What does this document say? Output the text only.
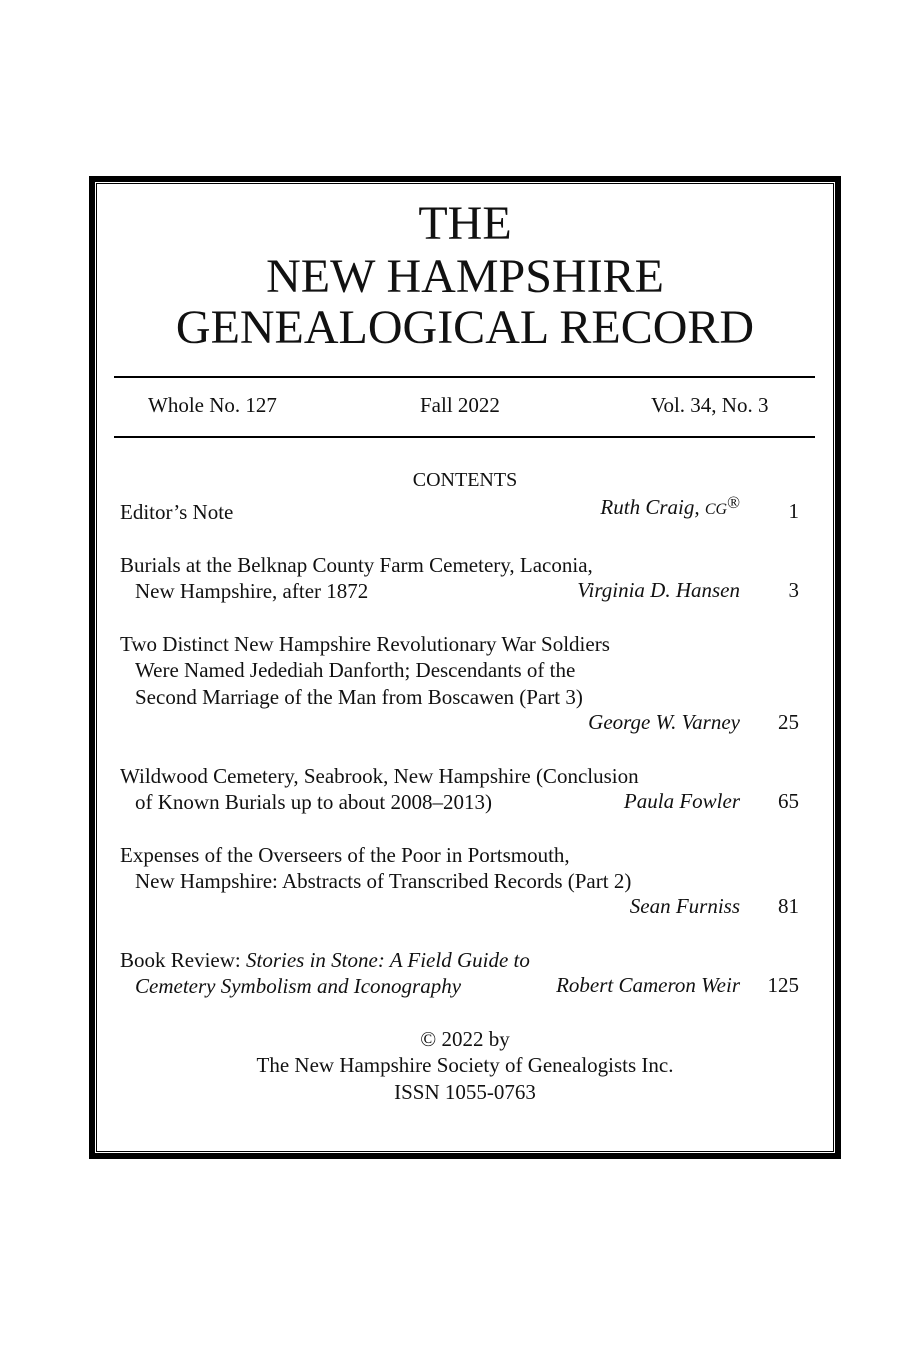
THE
NEW HAMPSHIRE
GENEALOGICAL RECORD
Whole No. 127	Fall 2022	Vol. 34, No. 3
CONTENTS
Editor’s Note	Ruth Craig, CG®	1
Burials at the Belknap County Farm Cemetery, Laconia,
New Hampshire, after 1872	Virginia D. Hansen	3
Two Distinct New Hampshire Revolutionary War Soldiers
Were Named Jedediah Danforth; Descendants of the
Second Marriage of the Man from Boscawen (Part 3)
George W. Varney	25
Wildwood Cemetery, Seabrook, New Hampshire (Conclusion
of Known Burials up to about 2008–2013)	Paula Fowler	65
Expenses of the Overseers of the Poor in Portsmouth,
New Hampshire: Abstracts of Transcribed Records (Part 2)
Sean Furniss	81
Book Review: Stories in Stone: A Field Guide to
Cemetery Symbolism and Iconography	Robert Cameron Weir	125
© 2022 by
The New Hampshire Society of Genealogists Inc.
ISSN 1055-0763
